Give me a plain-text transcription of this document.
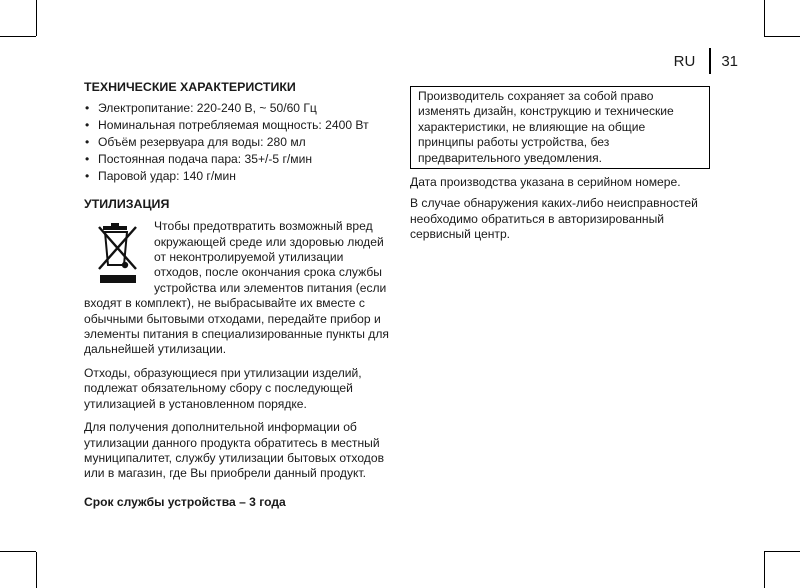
RU 31
ТЕХНИЧЕСКИЕ ХАРАКТЕРИСТИКИ
• Электропитание: 220-240 В, ~ 50/60 Гц
• Номинальная потребляемая мощность: 2400 Вт
• Объём резервуара для воды: 280 мл
• Постоянная подача пара: 35+/-5 г/мин
• Паровой удар: 140 г/мин
УТИЛИЗАЦИЯ

Чтобы предотвратить возможный вред окружающей среде или здоровью людей от неконтролируемой утилизации отходов, после окончания срока службы устройства или элементов питания (если входят в комплект), не выбрасывайте их вместе с обычными бытовыми отходами, передайте прибор и элементы питания в специализированные пункты для дальнейшей утилизации.

Отходы, образующиеся при утилизации изделий, подлежат обязательному сбору с последующей утилизацией в установленном порядке.

Для получения дополнительной информации об утилизации данного продукта обратитесь в местный муниципалитет, службу утилизации бытовых отходов или в магазин, где Вы приобрели данный продукт.

Срок службы устройства – 3 года

Производитель сохраняет за собой право изменять дизайн, конструкцию и технические характеристики, не влияющие на общие принципы работы устройства, без предварительного уведомления.

Дата производства указана в серийном номере.

В случае обнаружения каких-либо неисправностей необходимо обратиться в авторизированный сервисный центр.
